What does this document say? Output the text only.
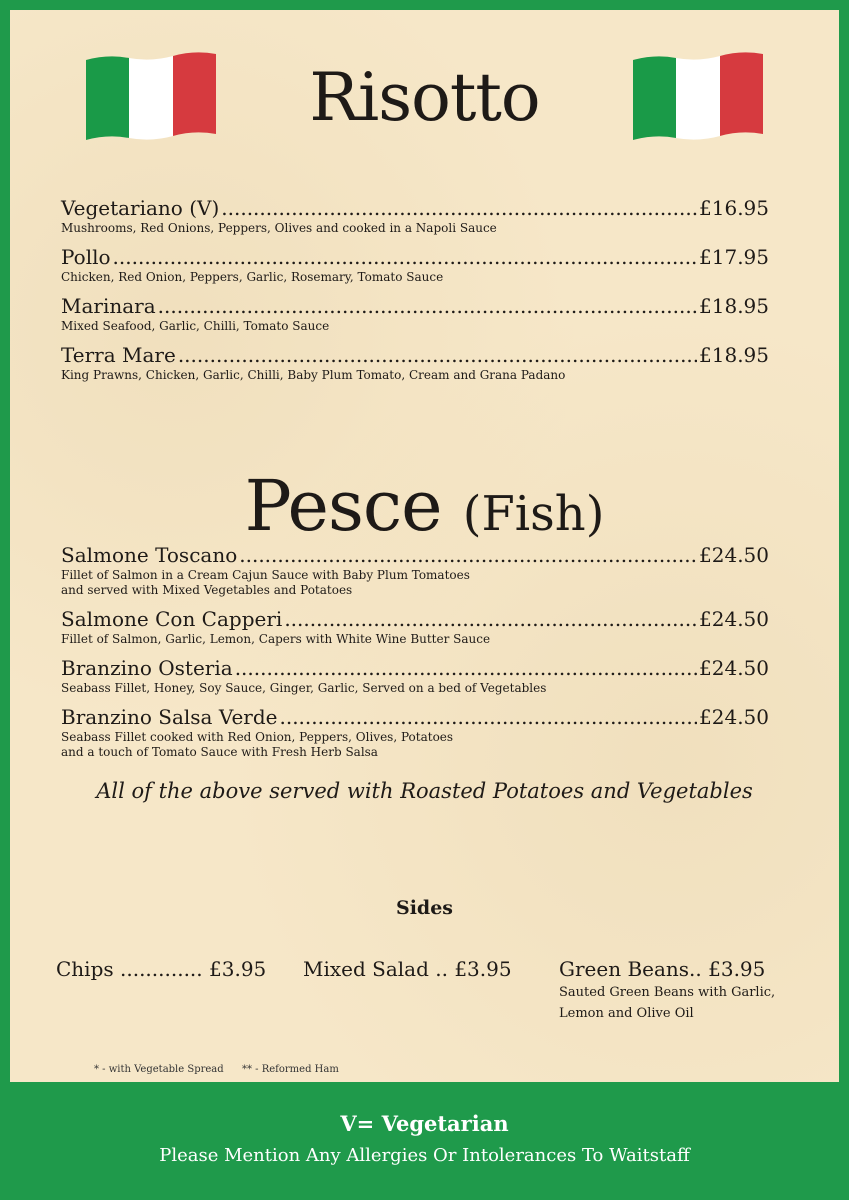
Risotto
Vegetariano (V) .....	£16.95
Mushrooms, Red Onions, Peppers, Olives and cooked in a Napoli Sauce
Pollo .....	£17.95
Chicken, Red Onion, Peppers, Garlic, Rosemary, Tomato Sauce
Marinara .....	£18.95
Mixed Seafood, Garlic, Chilli, Tomato Sauce
Terra Mare .....	£18.95
King Prawns, Chicken, Garlic, Chilli, Baby Plum Tomato, Cream and Grana Padano
Pesce (Fish)
Salmone Toscano .....	£24.50
Fillet of Salmon in a Cream Cajun Sauce with Baby Plum Tomatoes
and served with Mixed Vegetables and Potatoes
Salmone Con Capperi .....	£24.50
Fillet of Salmon, Garlic, Lemon, Capers with White Wine Butter Sauce
Branzino Osteria .....	£24.50
Seabass Fillet, Honey, Soy Sauce, Ginger, Garlic, Served on a bed of Vegetables
Branzino Salsa Verde .....	£24.50
Seabass Fillet cooked with Red Onion, Peppers, Olives, Potatoes
and a touch of Tomato Sauce with Fresh Herb Salsa
All of the above served with Roasted Potatoes and Vegetables
Sides
Chips ............. £3.95 Mixed Salad .. £3.95 Green Beans.. £3.95
Sauted Green Beans with Garlic,
Lemon and Olive Oil
* - with Vegetable Spread ** - Reformed Ham
V= Vegetarian
Please Mention Any Allergies Or Intolerances To Waitstaff
